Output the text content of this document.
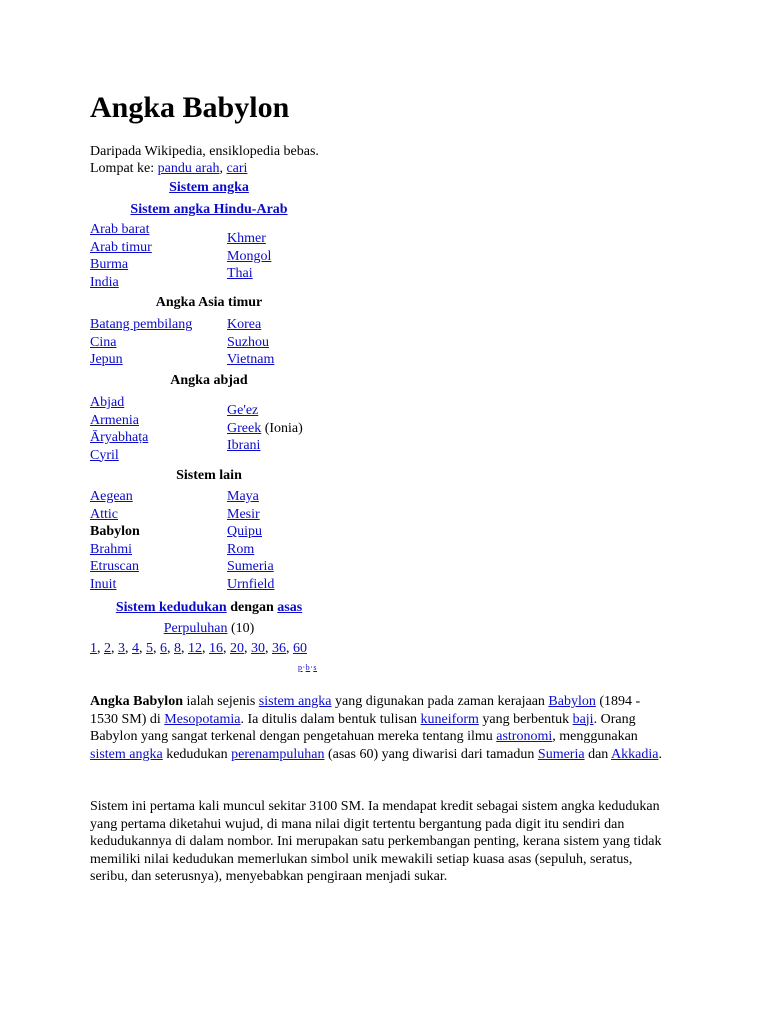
Angka Babylon
Daripada Wikipedia, ensiklopedia bebas.
Lompat ke: pandu arah, cari
Sistem angka
Sistem angka Hindu-Arab
Arab barat
Arab timur
Burma
India
Khmer
Mongol
Thai
Angka Asia timur
Batang pembilang
Cina
Jepun
Korea
Suzhou
Vietnam
Angka abjad
Abjad
Armenia
Āryabhaṭa
Cyril
Ge'ez
Greek (Ionia)
Ibrani
Sistem lain
Aegean
Attic
Babylon
Brahmi
Etruscan
Inuit
Maya
Mesir
Quipu
Rom
Sumeria
Urnfield
Sistem kedudukan dengan asas
Perpuluhan (10)
1, 2, 3, 4, 5, 6, 8, 12, 16, 20, 30, 36, 60
p·b·s

Angka Babylon ialah sejenis sistem angka yang digunakan pada zaman kerajaan Babylon (1894 - 1530 SM) di Mesopotamia. Ia ditulis dalam bentuk tulisan kuneiform yang berbentuk baji. Orang Babylon yang sangat terkenal dengan pengetahuan mereka tentang ilmu astronomi, menggunakan sistem angka kedudukan perenampuluhan (asas 60) yang diwarisi dari tamadun Sumeria dan Akkadia.

Sistem ini pertama kali muncul sekitar 3100 SM. Ia mendapat kredit sebagai sistem angka kedudukan yang pertama diketahui wujud, di mana nilai digit tertentu bergantung pada digit itu sendiri dan kedudukannya di dalam nombor. Ini merupakan satu perkembangan penting, kerana sistem yang tidak memiliki nilai kedudukan memerlukan simbol unik mewakili setiap kuasa asas (sepuluh, seratus, seribu, dan seterusnya), menyebabkan pengiraan menjadi sukar.
